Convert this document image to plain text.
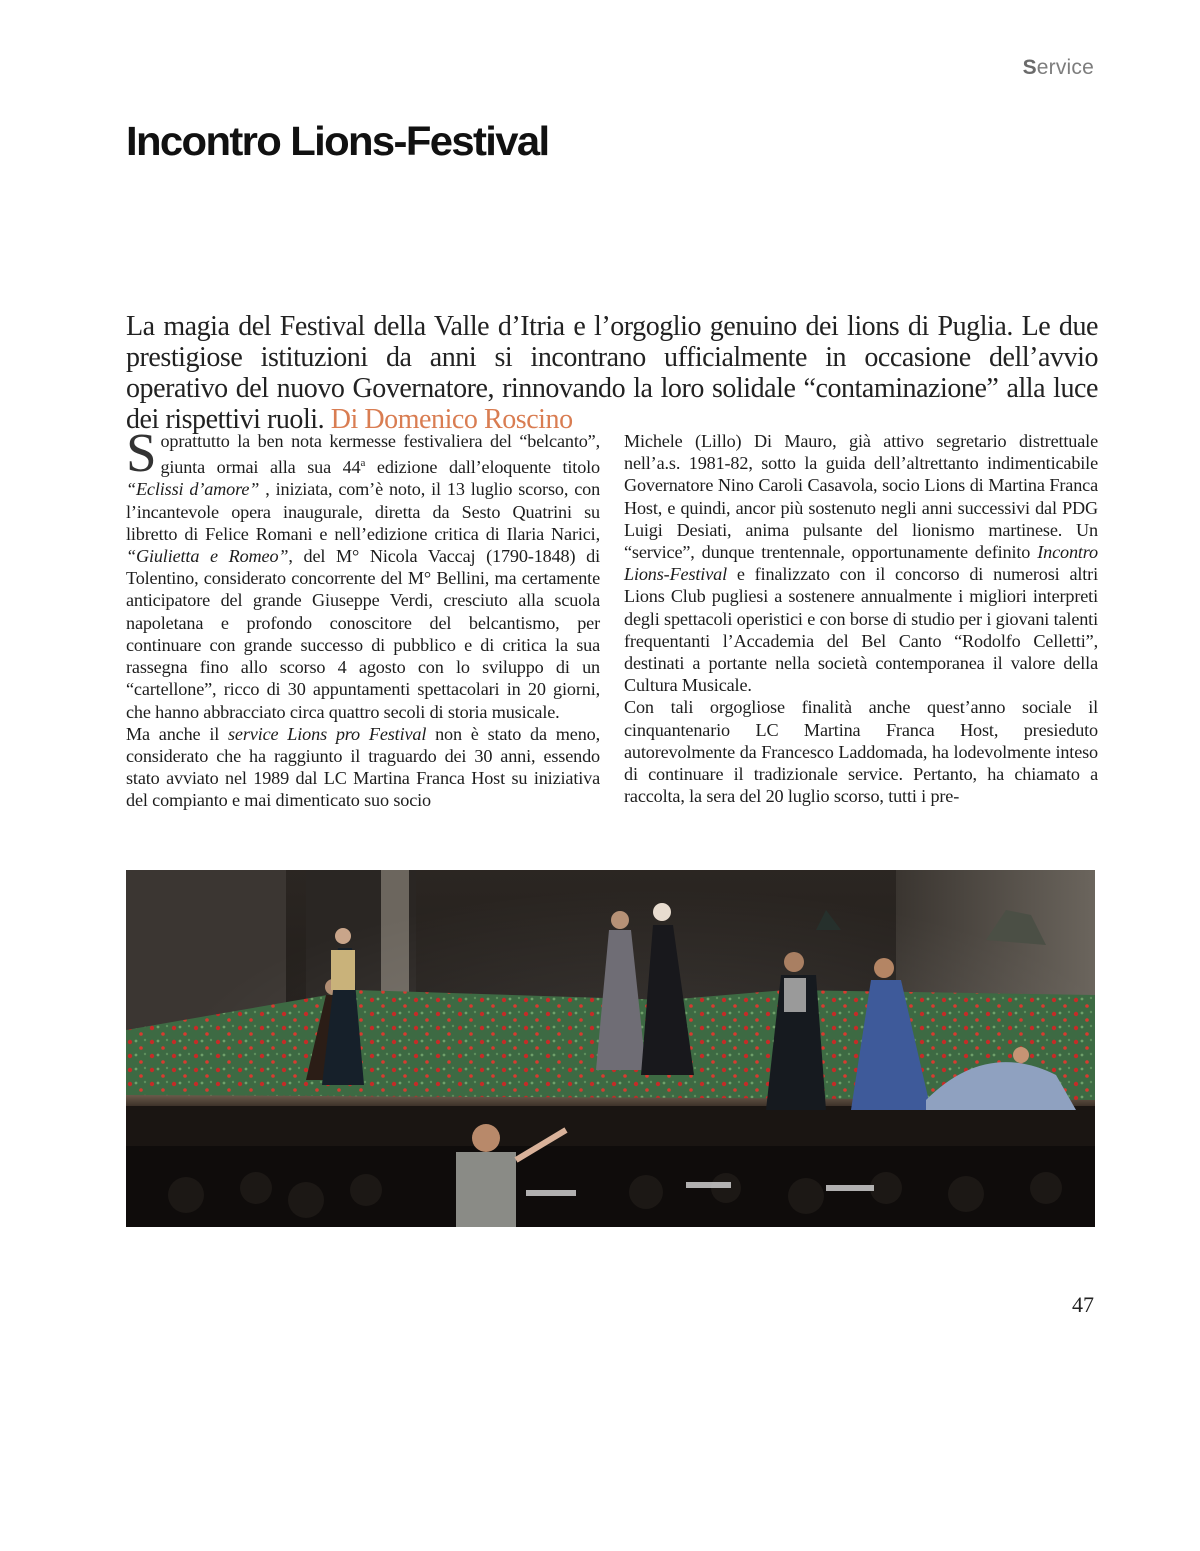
Service
Incontro Lions-Festival

La magia del Festival della Valle d’Itria e l’orgoglio genuino dei lions di Puglia. Le due prestigiose istituzioni da anni si incontrano ufficialmente in occasione dell’avvio operativo del nuovo Governatore, rinnovando la loro solidale “contaminazione” alla luce dei rispettivi ruoli. Di Domenico Roscino

Soprattutto la ben nota kermesse festivaliera del “belcanto”, giunta ormai alla sua 44$^a$ edizione dall’eloquente titolo “Eclissi d’amore” , iniziata, com’è noto, il 13 luglio scorso, con l’incantevole opera inaugurale, diretta da Sesto Quatrini su libretto di Felice Romani e nell’edizione critica di Ilaria Narici, “Giulietta e Romeo”, del M° Nicola Vaccaj (1790-1848) di Tolentino, considerato concorrente del M° Bellini, ma certamente anticipatore del grande Giuseppe Verdi, cresciuto alla scuola napoletana e profondo conoscitore del belcantismo, per continuare con grande successo di pubblico e di critica la sua rassegna fino allo scorso 4 agosto con lo sviluppo di un “cartellone”, ricco di 30 appuntamenti spettacolari in 20 giorni, che hanno abbracciato circa quattro secoli di storia musicale.

Ma anche il service Lions pro Festival non è stato da meno, considerato che ha raggiunto il traguardo dei 30 anni, essendo stato avviato nel 1989 dal LC Martina Franca Host su iniziativa del compianto e mai dimenticato suo socio

Michele (Lillo) Di Mauro, già attivo segretario distrettuale nell’a.s. 1981-82, sotto la guida dell’altrettanto indimenticabile Governatore Nino Caroli Casavola, socio Lions di Martina Franca Host, e quindi, ancor più sostenuto negli anni successivi dal PDG Luigi Desiati, anima pulsante del lionismo martinese. Un “service”, dunque trentennale, opportunamente definito Incontro Lions-Festival e finalizzato con il concorso di numerosi altri Lions Club pugliesi a sostenere annualmente i migliori interpreti degli spettacoli operistici e con borse di studio per i giovani talenti frequentanti l’Accademia del Bel Canto “Rodolfo Celletti”, destinati a portante nella società contemporanea il valore della Cultura Musicale.

Con tali orgogliose finalità anche quest’anno sociale il cinquantenario LC Martina Franca Host, presieduto autorevolmente da Francesco Laddomada, ha lodevolmente inteso di continuare il tradizionale service. Pertanto, ha chiamato a raccolta, la sera del 20 luglio scorso, tutti i pre-

47
